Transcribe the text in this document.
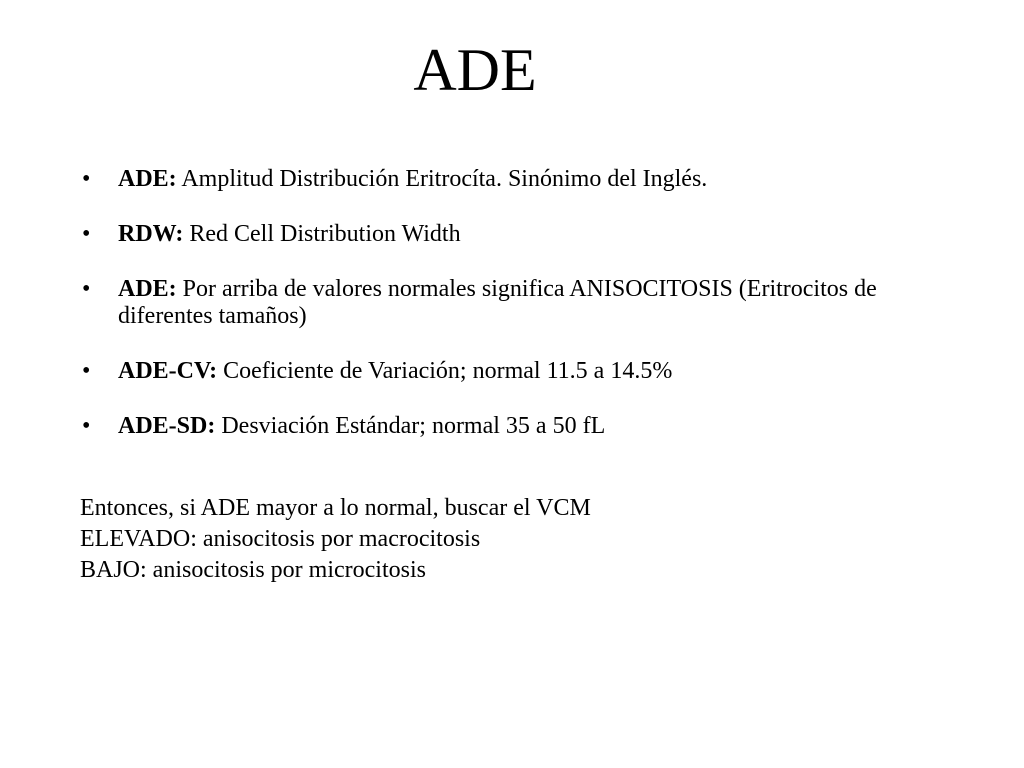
ADE
• ADE: Amplitud Distribución Eritrocíta. Sinónimo del Inglés.
• RDW: Red Cell Distribution Width
• ADE: Por arriba de valores normales significa ANISOCITOSIS (Eritrocitos de diferentes tamaños)
• ADE-CV: Coeficiente de Variación; normal 11.5 a 14.5%
• ADE-SD: Desviación Estándar; normal 35 a 50 fL
Entonces, si ADE mayor a lo normal, buscar el VCM
ELEVADO: anisocitosis por macrocitosis
BAJO: anisocitosis por microcitosis
